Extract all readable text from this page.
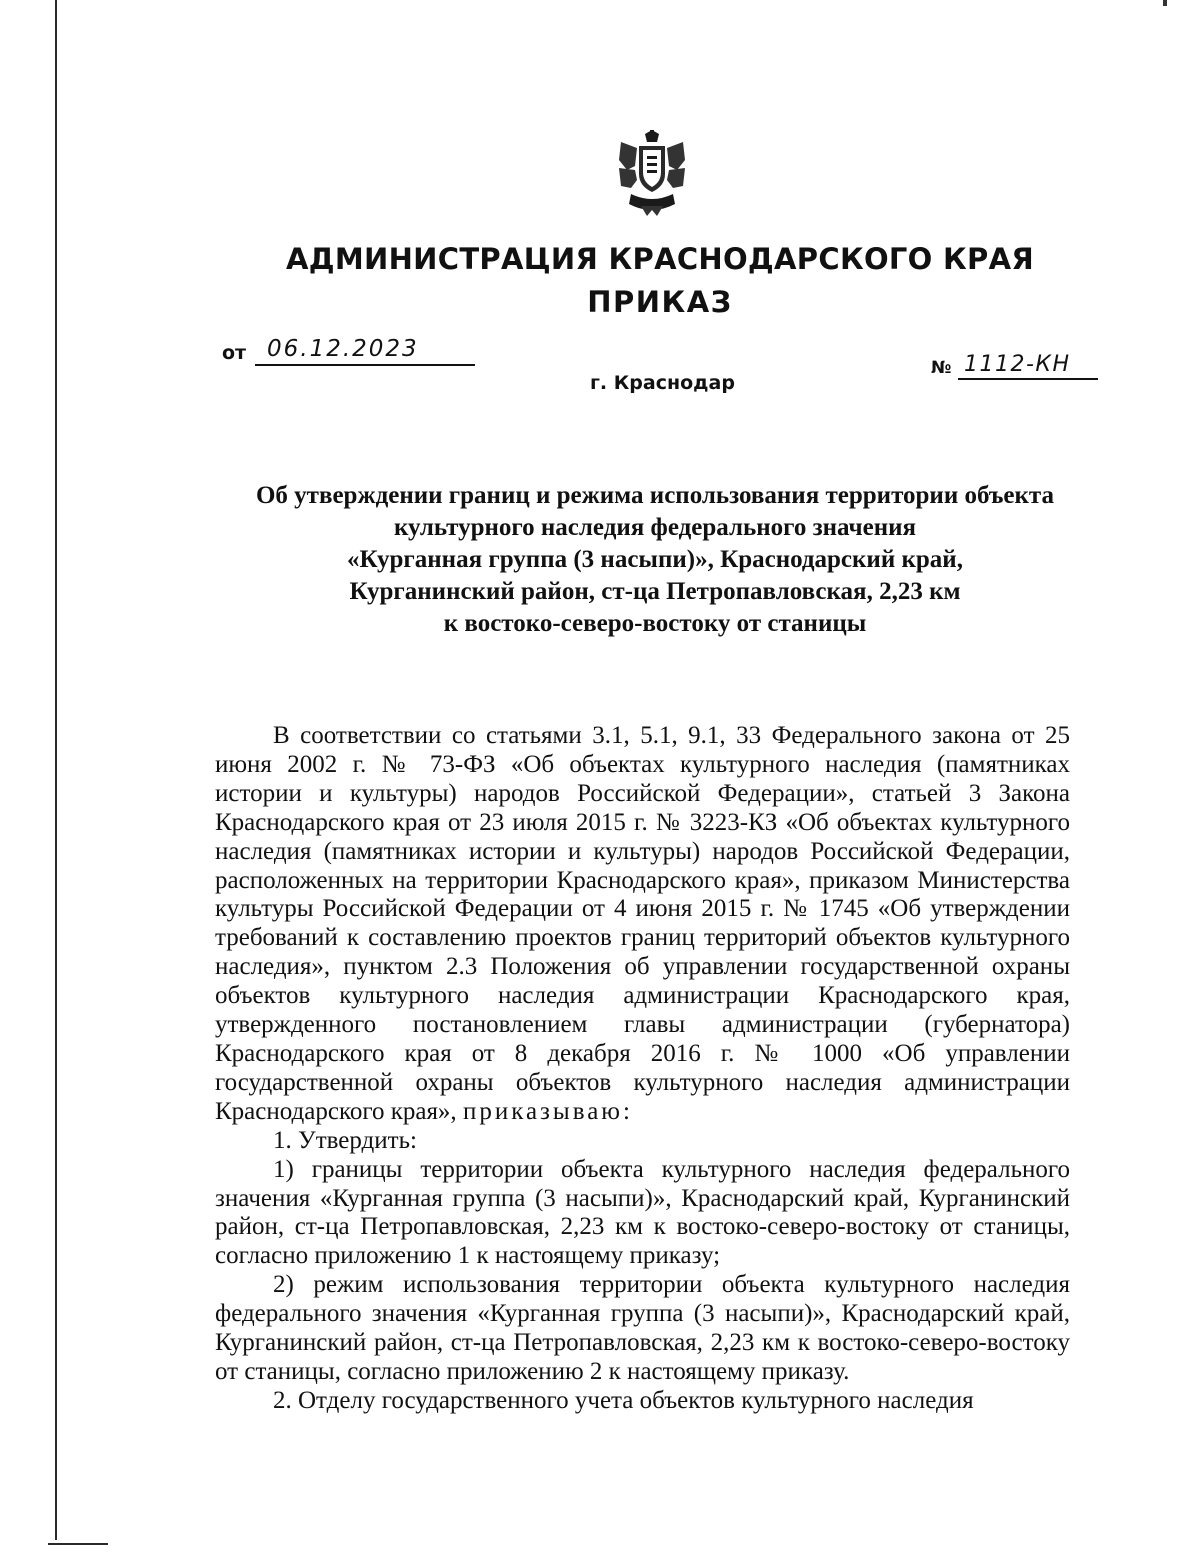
АДМИНИСТРАЦИЯ КРАСНОДАРСКОГО КРАЯ
ПРИКАЗ
от 06.12.2023
г. Краснодар
№ 1112-КН
Об утверждении границ и режима использования территории объекта
культурного наследия федерального значения
«Курганная группа (3 насыпи)», Краснодарский край,
Курганинский район, ст-ца Петропавловская, 2,23 км
к востоко-северо-востоку от станицы

В соответствии со статьями 3.1, 5.1, 9.1, 33 Федерального закона от 25 июня 2002 г. № 73-ФЗ «Об объектах культурного наследия (памятниках истории и культуры) народов Российской Федерации», статьей 3 Закона Краснодарского края от 23 июля 2015 г. № 3223-КЗ «Об объектах культурного наследия (памятниках истории и культуры) народов Российской Федерации, расположенных на территории Краснодарского края», приказом Министерства культуры Российской Федерации от 4 июня 2015 г. № 1745 «Об утверждении требований к составлению проектов границ территорий объектов культурного наследия», пунктом 2.3 Положения об управлении государственной охраны объектов культурного наследия администрации Краснодарского края, утвержденного постановлением главы администрации (губернатора) Краснодарского края от 8 декабря 2016 г. № 1000 «Об управлении государственной охраны объектов культурного наследия администрации Краснодарского края», приказываю:

1. Утвердить:

1) границы территории объекта культурного наследия федерального значения «Курганная группа (3 насыпи)», Краснодарский край, Курганинский район, ст-ца Петропавловская, 2,23 км к востоко-северо-востоку от станицы, согласно приложению 1 к настоящему приказу;

2) режим использования территории объекта культурного наследия федерального значения «Курганная группа (3 насыпи)», Краснодарский край, Курганинский район, ст-ца Петропавловская, 2,23 км к востоко-северо-востоку от станицы, согласно приложению 2 к настоящему приказу.

2. Отделу государственного учета объектов культурного наследия
